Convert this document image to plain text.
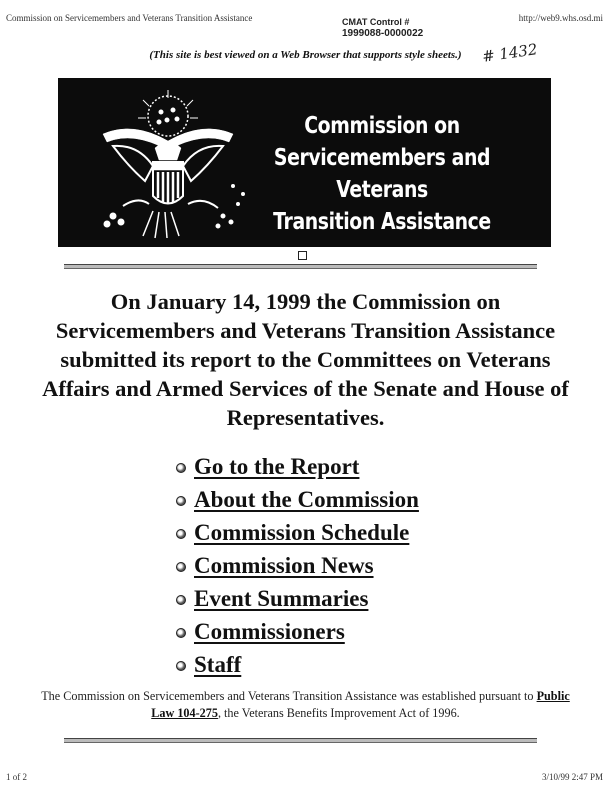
Commission on Servicemembers and Veterans Transition Assistance	CMAT Control #
1999088-0000022
http://web9.whs.osd.mi
(This site is best viewed on a Web Browser that supports style sheets.)	# 1432
Commission on
Servicemembers and Veterans
Transition Assistance
On January 14, 1999 the Commission on Servicemembers and Veterans Transition Assistance submitted its report to the Committees on Veterans Affairs and Armed Services of the Senate and House of Representatives.
Go to the Report
About the Commission
Commission Schedule
Commission News
Event Summaries
Commissioners
Staff
The Commission on Servicemembers and Veterans Transition Assistance was established pursuant to Public Law 104-275, the Veterans Benefits Improvement Act of 1996.
1 of 2	3/10/99 2:47 PM
